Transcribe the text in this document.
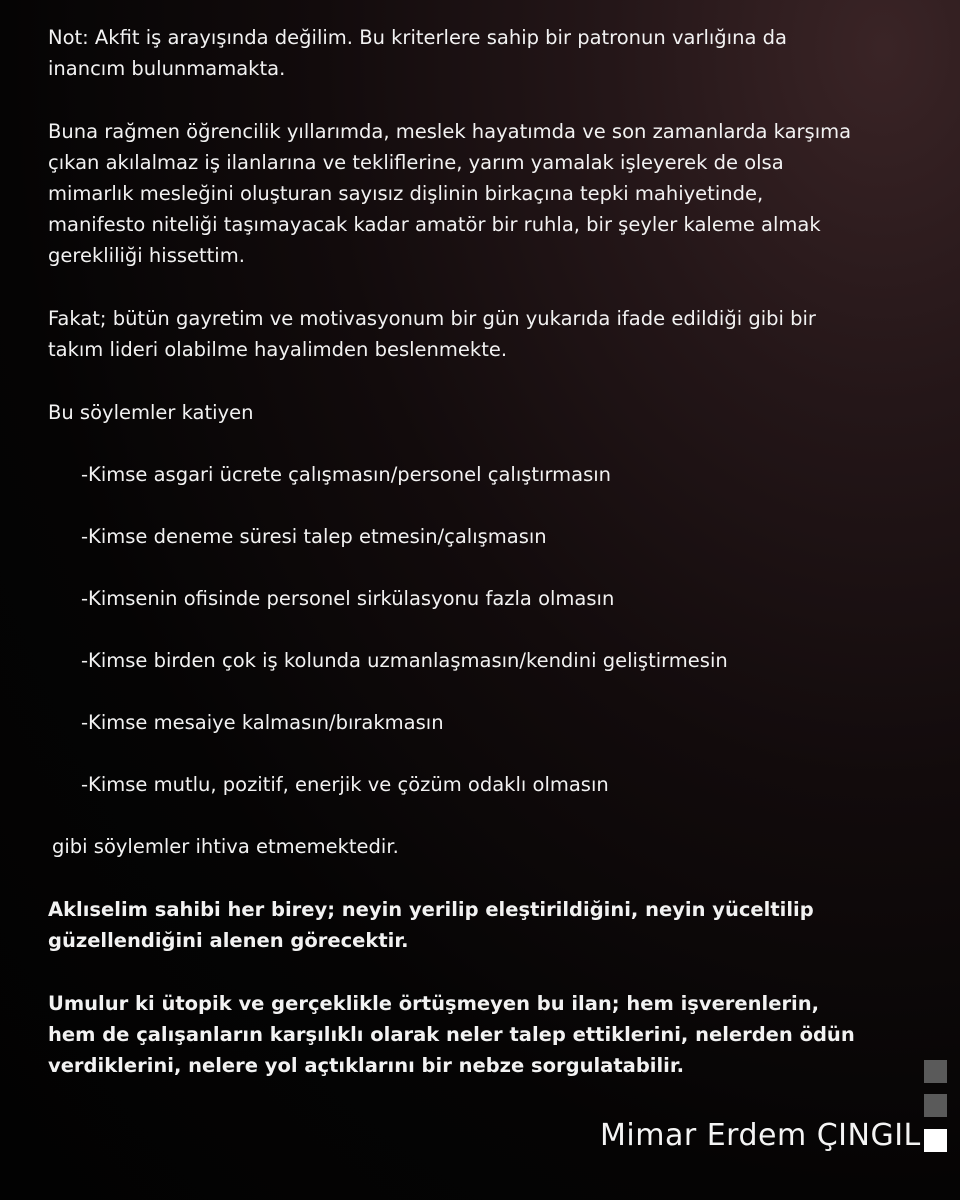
Not: Akfit iş arayışında değilim. Bu kriterlere sahip bir patronun varlığına da
inancım bulunmamakta.

Buna rağmen öğrencilik yıllarımda, meslek hayatımda ve son zamanlarda karşıma
çıkan akılalmaz iş ilanlarına ve tekliflerine, yarım yamalak işleyerek de olsa
mimarlık mesleğini oluşturan sayısız dişlinin birkaçına tepki mahiyetinde,
manifesto niteliği taşımayacak kadar amatör bir ruhla, bir şeyler kaleme almak
gerekliliği hissettim.

Fakat; bütün gayretim ve motivasyonum bir gün yukarıda ifade edildiği gibi bir
takım lideri olabilme hayalimden beslenmekte.

Bu söylemler katiyen

-Kimse asgari ücrete çalışmasın/personel çalıştırmasın

-Kimse deneme süresi talep etmesin/çalışmasın

-Kimsenin ofisinde personel sirkülasyonu fazla olmasın

-Kimse birden çok iş kolunda uzmanlaşmasın/kendini geliştirmesin

-Kimse mesaiye kalmasın/bırakmasın

-Kimse mutlu, pozitif, enerjik ve çözüm odaklı olmasın

gibi söylemler ihtiva etmemektedir.

Aklıselim sahibi her birey; neyin yerilip eleştirildiğini, neyin yüceltilip
güzellendiğini alenen görecektir.

Umulur ki ütopik ve gerçeklikle örtüşmeyen bu ilan; hem işverenlerin,
hem de çalışanların karşılıklı olarak neler talep ettiklerini, nelerden ödün
verdiklerini, nelere yol açtıklarını bir nebze sorgulatabilir.

Mimar Erdem ÇINGIL
